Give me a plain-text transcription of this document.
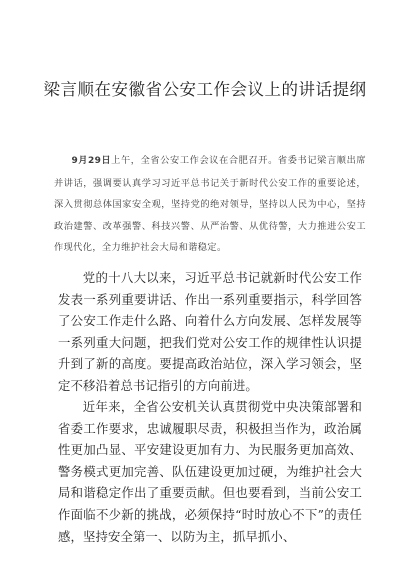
梁言顺在安徽省公安工作会议上的讲话提纲

9月29日上午，全省公安工作会议在合肥召开。省委书记梁言顺出席并讲话，强调要认真学习习近平总书记关于新时代公安工作的重要论述，深入贯彻总体国家安全观，坚持党的绝对领导，坚持以人民为中心，坚持政治建警、改革强警、科技兴警、从严治警、从优待警，大力推进公安工作现代化，全力维护社会大局和谐稳定。

党的十八大以来，习近平总书记就新时代公安工作发表一系列重要讲话、作出一系列重要指示，科学回答了公安工作走什么路、向着什么方向发展、怎样发展等一系列重大问题，把我们党对公安工作的规律性认识提升到了新的高度。要提高政治站位，深入学习领会，坚定不移沿着总书记指引的方向前进。

近年来，全省公安机关认真贯彻党中央决策部署和省委工作要求，忠诚履职尽责，积极担当作为，政治属性更加凸显、平安建设更加有力、为民服务更加高效、警务模式更加完善、队伍建设更加过硬，为维护社会大局和谐稳定作出了重要贡献。但也要看到，当前公安工作面临不少新的挑战，必须保持“时时放心不下”的责任感，坚持安全第一、以防为主，抓早抓小、
